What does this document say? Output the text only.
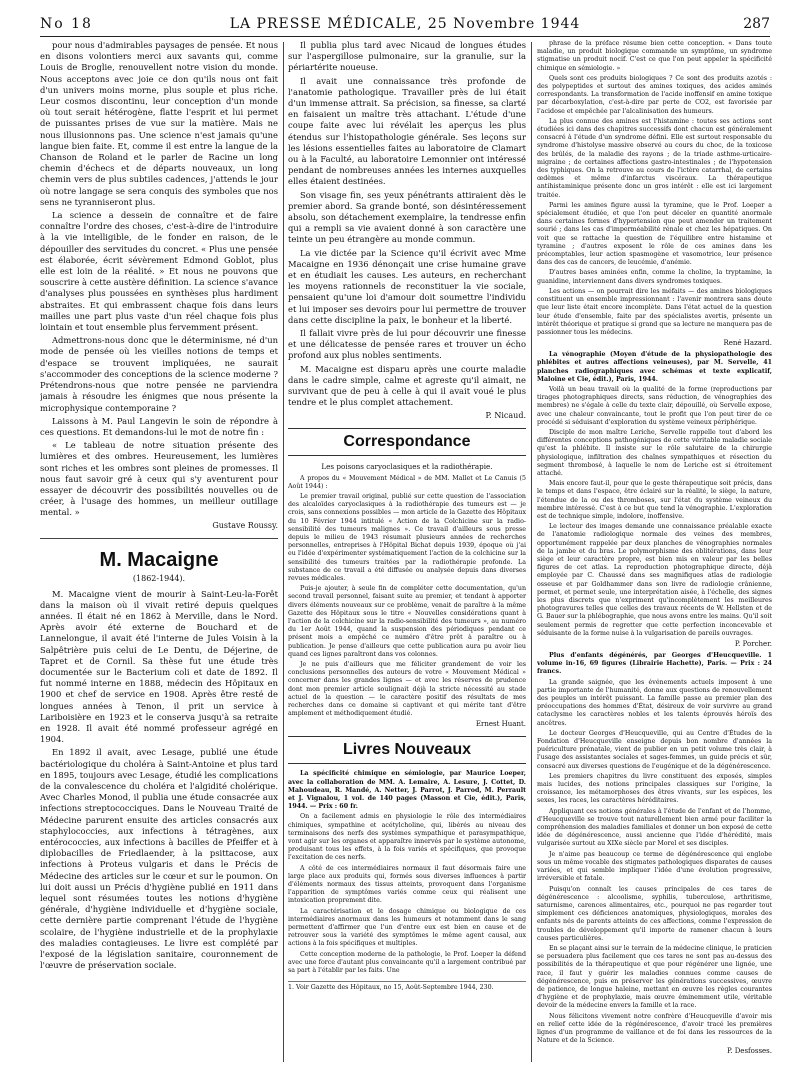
No 18	LA PRESSE MÉDICALE, 25 Novembre 1944	287

pour nous d'admirables paysages de pensée. Et nous en disons volontiers merci aux savants qui, comme Louis de Broglie, renouvellent notre vision du monde. Nous acceptons avec joie ce don qu'ils nous ont fait d'un univers moins morne, plus souple et plus riche. Leur cosmos discontinu, leur conception d'un monde où tout serait hétérogène, flatte l'esprit et lui permet de puissantes prises de vue sur la matière. Mais ne nous illusionnons pas. Une science n'est jamais qu'une langue bien faite. Et, comme il est entre la langue de la Chanson de Roland et le parler de Racine un long chemin d'échecs et de départs nouveaux, un long chemin vers de plus subtiles cadences, j'attends le jour où notre langage se sera conquis des symboles que nos sens ne tyranniseront plus.

La science a dessein de connaître et de faire connaître l'ordre des choses, c'est-à-dire de l'introduire à la vie intelligible, de le fonder en raison, de le dépouiller des servitudes du concret. « Plus une pensée est élaborée, écrit sévèrement Edmond Goblot, plus elle est loin de la réalité. » Et nous ne pouvons que souscrire à cette austère définition. La science s'avance d'analyses plus poussées en synthèses plus hardiment abstraites. Et qui embrassent chaque fois dans leurs mailles une part plus vaste d'un réel chaque fois plus lointain et tout ensemble plus fervemment présent.

Admettrons-nous donc que le déterminisme, né d'un mode de pensée où les vieilles notions de temps et d'espace se trouvent impliquées, ne saurait s'accommoder des conceptions de la science moderne ? Prétendrons-nous que notre pensée ne parviendra jamais à résoudre les énigmes que nous présente la microphysique contemporaine ?

Laissons à M. Paul Langevin le soin de répondre à ces questions. Et demandons-lui le mot de notre fin :

« Le tableau de notre situation présente des lumières et des ombres. Heureusement, les lumières sont riches et les ombres sont pleines de promesses. Il nous faut savoir gré à ceux qui s'y aventurent pour essayer de découvrir des possibilités nouvelles ou de créer, à l'usage des hommes, un meilleur outillage mental. »

Gustave Roussy.
M. Macaigne
(1862-1944).

M. Macaigne vient de mourir à Saint-Leu-la-Forêt dans la maison où il vivait retiré depuis quelques années. Il était né en 1862 à Merville, dans le Nord. Après avoir été externe de Bouchard et de Lannelongue, il avait été l'interne de Jules Voisin à la Salpêtrière puis celui de Le Dentu, de Déjerine, de Tapret et de Cornil. Sa thèse fut une étude très documentée sur le Bacterium coli et date de 1892. Il fut nommé interne en 1888, médecin des Hôpitaux en 1900 et chef de service en 1908. Après être resté de longues années à Tenon, il prit un service à Lariboisière en 1923 et le conserva jusqu'à sa retraite en 1928. Il avait été nommé professeur agrégé en 1904.

En 1892 il avait, avec Lesage, publié une étude bactériologique du choléra à Saint-Antoine et plus tard en 1895, toujours avec Lesage, étudié les complications de la convalescence du choléra et l'algidité cholérique. Avec Charles Monod, il publia une étude consacrée aux infections streptococciques. Dans le Nouveau Traité de Médecine parurent ensuite des articles consacrés aux staphylococcies, aux infections à tétragènes, aux entérococcies, aux infections à bacilles de Pfeiffer et à diplobacilles de Friedlaender, à la psittacose, aux infections à Proteus vulgaris et dans le Précis de Médecine des articles sur le cœur et sur le poumon. On lui doit aussi un Précis d'hygiène publié en 1911 dans lequel sont résumées toutes les notions d'hygiène générale, d'hygiène individuelle et d'hygiène sociale, cette dernière partie comprenant l'étude de l'hygiène scolaire, de l'hygiène industrielle et de la prophylaxie des maladies contagieuses. Le livre est complété par l'exposé de la législation sanitaire, couronnement de l'œuvre de préservation sociale.

Il publia plus tard avec Nicaud de longues études sur l'aspergillose pulmonaire, sur la granulie, sur la périartérite noueuse.

Il avait une connaissance très profonde de l'anatomie pathologique. Travailler près de lui était d'un immense attrait. Sa précision, sa finesse, sa clarté en faisaient un maître très attachant. L'étude d'une coupe faite avec lui révélait les aperçus les plus étendus sur l'histopathologie générale. Ses leçons sur les lésions essentielles faites au laboratoire de Clamart ou à la Faculté, au laboratoire Lemonnier ont intéressé pendant de nombreuses années les internes auxquelles elles étaient destinées.

Son visage fin, ses yeux pénétrants attiraient dès le premier abord. Sa grande bonté, son désintéressement absolu, son détachement exemplaire, la tendresse enfin qui a rempli sa vie avaient donné à son caractère une teinte un peu étrangère au monde commun.

La vie dictée par la Science qu'il écrivit avec Mme Macaigne en 1936 dénonçait une crise humaine grave et en étudiait les causes. Les auteurs, en recherchant les moyens rationnels de reconstituer la vie sociale, pensaient qu'une loi d'amour doit soumettre l'individu et lui imposer ses devoirs pour lui permettre de trouver dans cette discipline la paix, le bonheur et la liberté.

Il fallait vivre près de lui pour découvrir une finesse et une délicatesse de pensée rares et trouver un écho profond aux plus nobles sentiments.

M. Macaigne est disparu après une courte maladie dans le cadre simple, calme et agreste qu'il aimait, ne survivant que de peu à celle à qui il avait voué le plus tendre et le plus complet attachement.

P. Nicaud.
Correspondance
Les poisons caryoclasiques et la radiothérapie.

A propos du « Mouvement Médical » de MM. Mallet et Le Canuis (5 Août 1944) :

Le premier travail original, publié sur cette question de l'association des alcaloïdes caryoclasiques à la radiothérapie des tumeurs est — je crois, sans connexions possibles — mon article de la Gazette des Hôpitaux du 10 Février 1944 intitulé « Action de la Colchicine sur la radio-sensibilité des tumeurs malignes ». Ce travail d'ailleurs sous presse depuis le milieu de 1943 résumait plusieurs années de recherches personnelles, entreprises à l'Hôpital Bichat depuis 1939, époque où j'ai eu l'idée d'expérimenter systématiquement l'action de la colchicine sur la sensibilité des tumeurs traitées par la radiothérapie profonde. La substance de ce travail a été diffusée ou analysée depuis dans diverses revues médicales.

Puis-je ajouter, à seule fin de compléter cette documentation, qu'un second travail personnel, faisant suite au premier, et tendant à apporter divers éléments nouveaux sur ce problème, venait de paraître à la même Gazette des Hôpitaux sous le titre « Nouvelles considérations quant à l'action de la colchicine sur la radio-sensibilité des tumeurs », au numéro du 1er Août 1944, quand la suspension des périodiques pendant ce présent mois a empêché ce numéro d'être prêt à paraître ou à publication. Je pense d'ailleurs que cette publication aura pu avoir lieu quand ces lignes paraîtront dans vos colonnes.

Je ne puis d'ailleurs que me féliciter grandement de voir les conclusions personnelles des auteurs de votre « Mouvement Médical » concerner dans les grandes lignes — et avec les réserves de prudence dont mon premier article soulignait déjà la stricte nécessité au stade actuel de la question — le caractère positif des résultats de mes recherches dans ce domaine si captivant et qui mérite tant d'être amplement et méthodiquement étudié.

Ernest Huant.
Livres Nouveaux
La spécificité chimique en sémiologie, par Maurice Loeper, avec la collaboration de MM. A. Lemaire, A. Lesure, J. Cottet, D. Mahoudeau, R. Mandé, A. Netter, J. Parrot, J. Parrod, M. Perrault et J. Vignalou, 1 vol. de 140 pages (Masson et Cie, édit.), Paris, 1944. — Prix : 60 fr.

On a facilement admis en physiologie le rôle des intermédiaires chimiques, sympathine et acétylcholine, qui, libérés au niveau des terminaisons des nerfs des systèmes sympathique et parasympathique, vont agir sur les organes et apparaître innervés par le système autonome, produisant tous les effets, à la fois variés et spécifiques, que provoque l'excitation de ces nerfs.

A côté de ces intermédiaires normaux il faut désormais faire une large place aux produits qui, formés sous diverses influences à partir d'éléments normaux des tissus atteints, provoquent dans l'organisme l'apparition de symptômes variés comme ceux qui réalisent une intoxication proprement dite.

La caractérisation et le dosage chimique ou biologique de ces intermédiaires anormaux dans les humeurs et notamment dans le sang permettent d'affirmer que l'un d'entre eux est bien en cause et de retrouver sous la variété des symptômes le même agent causal, aux actions à la fois spécifiques et multiples.

Cette conception moderne de la pathologie, le Prof. Loeper la défend avec une force d'autant plus convaincante qu'il a largement contribué par sa part à l'établir par les faits. Une

1. Voir Gazette des Hôpitaux, no 15, Août-Septembre 1944, 230.

phrase de la préface résume bien cette conception. « Dans toute maladie, un produit biologique commande un symptôme, un syndrome stigmatise un produit nocif. C'est ce que l'on peut appeler la spécificité chimique en sémiologie. »

Quels sont ces produits biologiques ? Ce sont des produits azotés : des polypeptides et surtout des amines toxiques, des acides aminés correspondants. La transformation de l'acide inoffensif en amine toxique par décarboxylation, c'est-à-dire par perte de CO2, est favorisée par l'acidose et empêchée par l'alcalinisation des humeurs.

La plus connue des amines est l'histamine : toutes ses actions sont étudiées ici dans des chapitres successifs dont chacun est généralement consacré à l'étude d'un syndrome défini. Elle est surtout responsable du syndrome d'histolyse massive observé au cours du choc, de la toxicose des brûlés, de la maladie des rayons ; de la triade asthme-urticaire-migraine ; de certaines affections gastro-intestinales ; de l'hypotension des typhiques. On la retrouve au cours de l'ictère catarrhal, de certains œdèmes et même d'infarctus viscéraux. La thérapeutique antihistaminique présente donc un gros intérêt : elle est ici largement traitée.

Parmi les amines figure aussi la tyramine, que le Prof. Loeper a spécialement étudiée, et que l'on peut déceler en quantité anormale dans certaines formes d'hypertension que peut amender un traitement sourié ; dans les cas d'imperméabilité rénale et chez les hépatiques. On voit que se rattache la question de l'équilibre entre histamine et tyramine ; d'autres exposent le rôle de ces amines dans les précomptables, leur action spasmogène et vasomotrice, leur présence dans des cas de cancers, de leucémie, d'anémie.

D'autres bases aminées enfin, comme la choline, la tryptamine, la guanidine, interviennent dans divers syndromes toxiques.

Les actions — on pourrait dire les méfaits — des amines biologiques constituent un ensemble impressionnant : l'avenir montrera sans doute que leur liste était encore incomplète. Dans l'état actuel de la question leur étude d'ensemble, faite par des spécialistes avertis, présente un intérêt théorique et pratique si grand que sa lecture ne manquera pas de passionner tous les médecins.

René Hazard.
La vénographie (Moyen d'étude de la physiopathologie des phlébites et autres affections veineuses), par M. Servelle, 41 planches radiographiques avec schémas et texte explicatif, Maloine et Cie, édit.), Paris, 1944.

Voilà un beau travail où la qualité de la forme (reproductions par tirages photographiques directs, sans réduction, de vénographies des membres) ne s'égale à celle du texte clair, dépouillé, où Servelle expose, avec une chaleur convaincante, tout le profit que l'on peut tirer de ce procédé si séduisant d'exploration du système veineux périphérique.

Disciple de mon maître Leriche, Servelle rappelle tout d'abord les différentes conceptions pathogéniques de cette véritable maladie sociale qu'est la phlébite. Il insiste sur le rôle salutaire de la chirurgie physiologique, infiltration des chaînes sympathiques et résection du segment thrombosé, à laquelle le nom de Leriche est si étroitement attaché.

Mais encore faut-il, pour que le geste thérapeutique soit précis, dans le temps et dans l'espace, être éclairé sur la réalité, le siège, la nature, l'étendue de la ou des thromboses, sur l'état du système veineux du membre intéressé. C'est à ce but que tend la vénographie. L'exploration est de technique simple, indolore, inoffensive.

Le lecteur des images demande une connaissance préalable exacte de l'anatomie radiologique normale des veines des membres, opportunément rappelée par deux planches de vénographies normales de la jambe et du bras. Le polymorphisme des oblitérations, dans leur siège et leur caractère propre, est bien mis en valeur par les belles figures de cet atlas. La reproduction photographique directe, déjà employée par C. Chaussé dans ses magnifiques atlas de radiologie osseuse et par Goldhammer dans son livre de radiologie crânienne, permet, et permet seule, une interprétation aisée, à l'échelle, des signes les plus discrets que n'expriment qu'incomplètement les meilleures photogravures telles que celles des travaux récents de W. Hellsten et de G. Bauer sur la phlébographie, que nous avons entre les mains. Qu'il soit seulement permis de regretter que cette perfection inconcevable et séduisante de la forme nuise à la vulgarisation de pareils ouvrages.

P. Porcher.
Plus d'enfants dégénérés, par Georges d'Heucqueville. 1 volume in-16, 69 figures (Librairie Hachette), Paris. — Prix : 24 francs.

La grande saignée, que les événements actuels imposent à une partie importante de l'humanité, donne aux questions de renouvellement des peuples un intérêt puissant. La famille passe au premier plan des préoccupations des hommes d'État, désireux de voir survivre au grand cataclysme les caractères nobles et les talents éprouvés héroïs des ancêtres.

Le docteur Georges d'Heucqueville, qui au Centre d'Études de la Fondation d'Heucqueville enseigne depuis bon nombre d'années la puériculture prénatale, vient de publier en un petit volume très clair, à l'usage des assistantes sociales et sages-femmes, un guide précis et sûr, consacré aux diverses questions de l'eugénique et de la dégénérescence.

Les premiers chapitres du livre constituent des exposés, simples mais lucides, des notions principales classiques sur l'origine, la croissance, les métamorphoses des êtres vivants, sur les espèces, les sexes, les races, les caractères héréditaires.

Appliquant ces notions générales à l'étude de l'enfant et de l'homme, d'Heucqueville se trouve tout naturellement bien armé pour faciliter la compréhension des maladies familiales et donner un bon exposé de cette idée de dégénérescence, aussi ancienne que l'idée d'hérédité, mais vulgarisée surtout au XIXe siècle par Morel et ses disciples.

Je n'aime pas beaucoup ce terme de dégénérescence qui englobe sous un même vocable des stigmates pathologiques disparates de causes variées, et qui semble impliquer l'idée d'une évolution progressive, irréversible et fatale.

Puisqu'on connaît les causes principales de ces tares de dégénérescence : alcoolisme, syphilis, tuberculose, arthritisme, saturnisme, carences alimentaires, etc., pourquoi ne pas regarder tout simplement ces déficiences anatomiques, physiologiques, morales des enfants nés de parents atteints de ces affections, comme l'expression de troubles de développement qu'il importe de ramener chacun à leurs causes particulières.

En se plaçant ainsi sur le terrain de la médecine clinique, le praticien se persuadera plus facilement que ces tares ne sont pas au-dessus des possibilités de la thérapeutique et que pour régénérer une lignée, une race, il faut y guérir les maladies connues comme causes de dégénérescence, puis en préserver les générations successives, œuvre de patience, de longue haleine, mettant en œuvre les règles courantes d'hygiène et de prophylaxie, mais œuvre éminemment utile, véritable devoir de la médecine envers la famille et la race.

Nous félicitons vivement notre confrère d'Heucqueville d'avoir mis en relief cette idée de la régénérescence, d'avoir tracé les premières lignes d'un programme de vaillance et de foi dans les ressources de la Nature et de la Science.

P. Desfosses.
